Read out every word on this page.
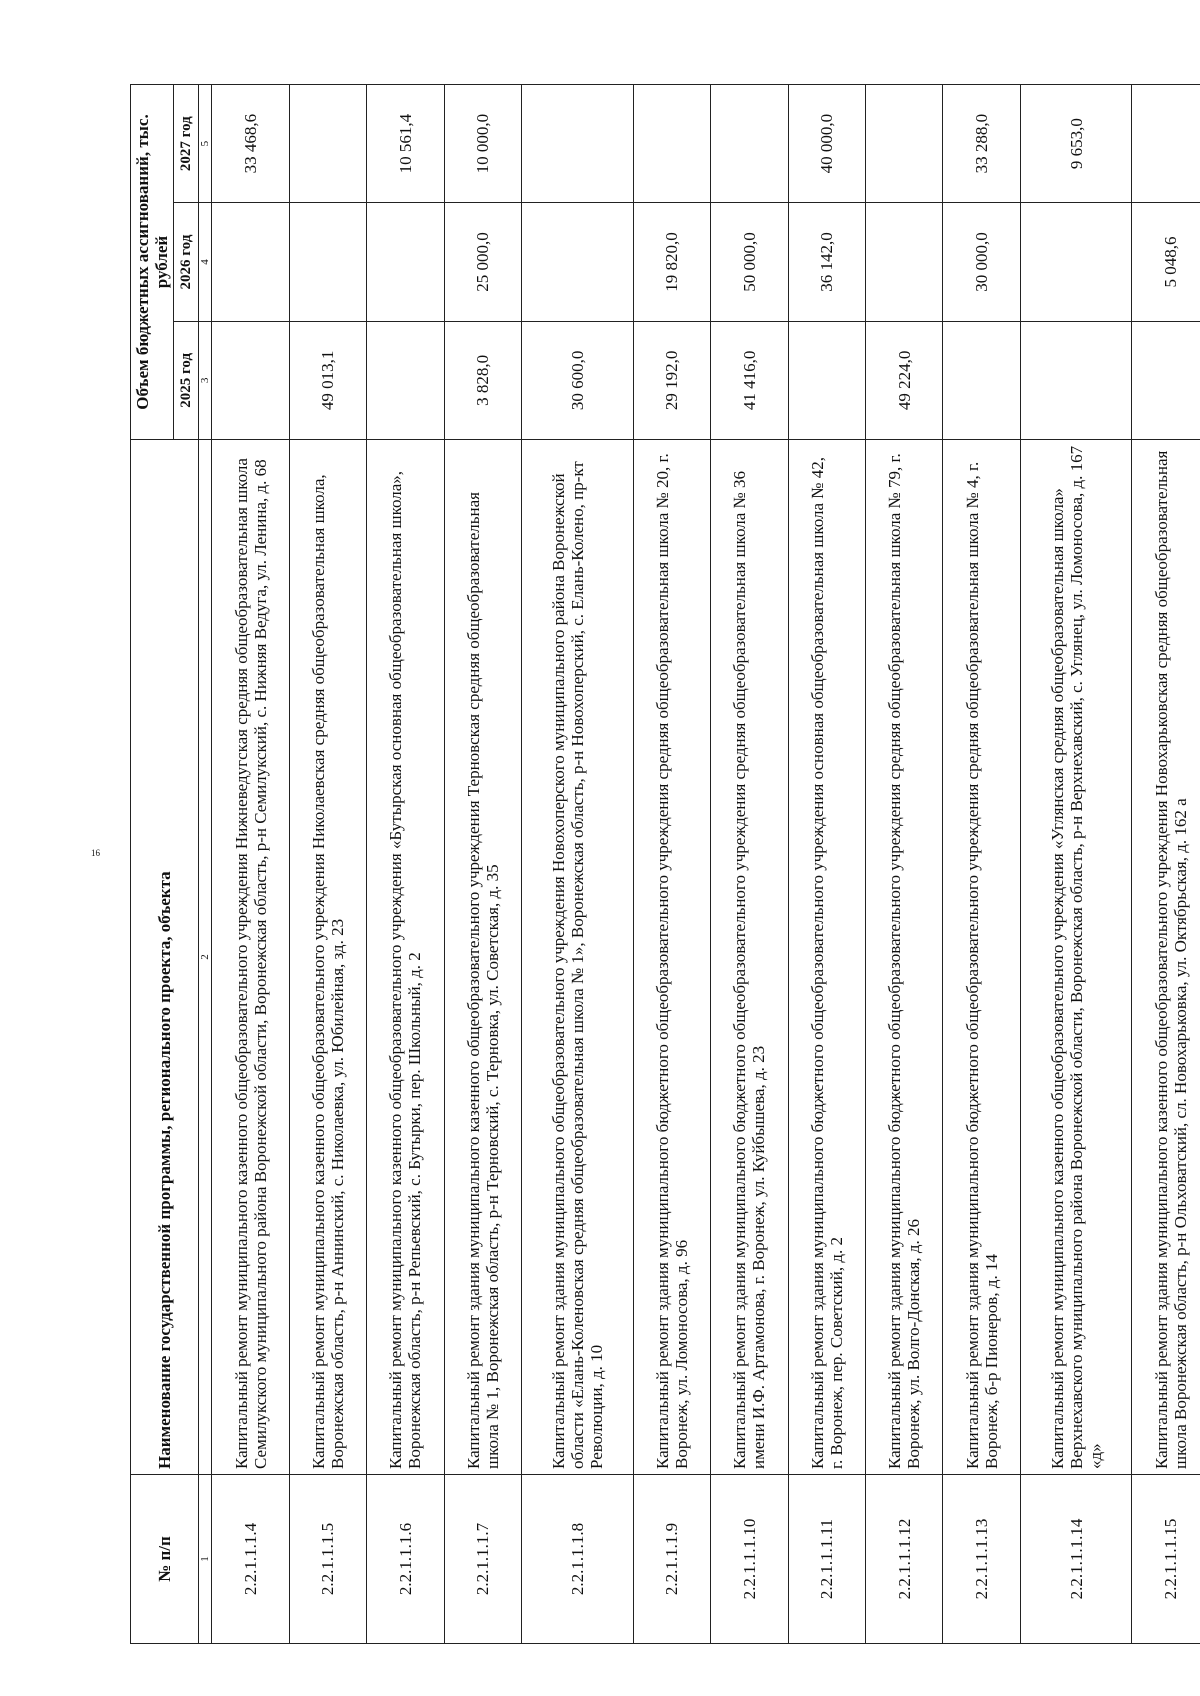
16
№ п/п	Наименование государственной программы, регионального проекта, объекта	Объем бюджетных ассигнований, тыс. рублей		
		2025 год	2026 год	2027 год
1	2	3	4	5
2.2.1.1.1.4	Капитальный ремонт муниципального казенного общеобразовательного учреждения Нижневедугская средняя общеобразовательная школа Семилукского муниципального района Воронежской области, Воронежская область, р-н Семилукский, с. Нижняя Ведуга, ул. Ленина, д. 68			33 468,6
2.2.1.1.1.5	Капитальный ремонт муниципального казенного общеобразовательного учреждения Николаевская средняя общеобразовательная школа, Воронежская область, р-н Аннинский, с. Николаевка, ул. Юбилейная, зд. 23	49 013,1		
2.2.1.1.1.6	Капитальный ремонт муниципального казенного общеобразовательного учреждения «Бутырская основная общеобразовательная школа», Воронежская область, р-н Репьевский, с. Бутырки, пер. Школьный, д. 2			10 561,4
2.2.1.1.1.7	Капитальный ремонт здания муниципального казенного общеобразовательного учреждения Терновская средняя общеобразовательная школа № 1, Воронежская область, р-н Терновский, с. Терновка, ул. Советская, д. 35	3 828,0	25 000,0	10 000,0
2.2.1.1.1.8	Капитальный ремонт здания муниципального общеобразовательного учреждения Новохоперского муниципального района Воронежской области «Елань-Коленовская средняя общеобразовательная школа № 1», Воронежская область, р-н Новохоперский, с. Елань-Колено, пр-кт Революции, д. 10	30 600,0		
2.2.1.1.1.9	Капитальный ремонт здания муниципального бюджетного общеобразовательного учреждения средняя общеобразовательная школа № 20, г. Воронеж, ул. Ломоносова, д. 96	29 192,0	19 820,0	
2.2.1.1.1.10	Капитальный ремонт здания муниципального бюджетного общеобразовательного учреждения средняя общеобразовательная школа № 36 имени И.Ф. Артамонова, г. Воронеж, ул. Куйбышева, д. 23	41 416,0	50 000,0	
2.2.1.1.1.11	Капитальный ремонт здания муниципального бюджетного общеобразовательного учреждения основная общеобразовательная школа № 42, г. Воронеж, пер. Советский, д. 2		36 142,0	40 000,0
2.2.1.1.1.12	Капитальный ремонт здания муниципального бюджетного общеобразовательного учреждения средняя общеобразовательная школа № 79, г. Воронеж, ул. Волго-Донская, д. 26	49 224,0		
2.2.1.1.1.13	Капитальный ремонт здания муниципального бюджетного общеобразовательного учреждения средняя общеобразовательная школа № 4, г. Воронеж, б-р Пионеров, д. 14		30 000,0	33 288,0
2.2.1.1.1.14	Капитальный ремонт муниципального казенного общеобразовательного учреждения «Углянская средняя общеобразовательная школа» Верхнехавского муниципального района Воронежской области, Воронежская область, р-н Верхнехавский, с. Углянец, ул. Ломоносова, д. 167 «д»			9 653,0
2.2.1.1.1.15	Капитальный ремонт здания муниципального казенного общеобразовательного учреждения Новохарьковская средняя общеобразовательная школа Воронежская область, р-н Ольховатский, сл. Новохарьковка, ул. Октябрьская, д. 162 а		5 048,6	
